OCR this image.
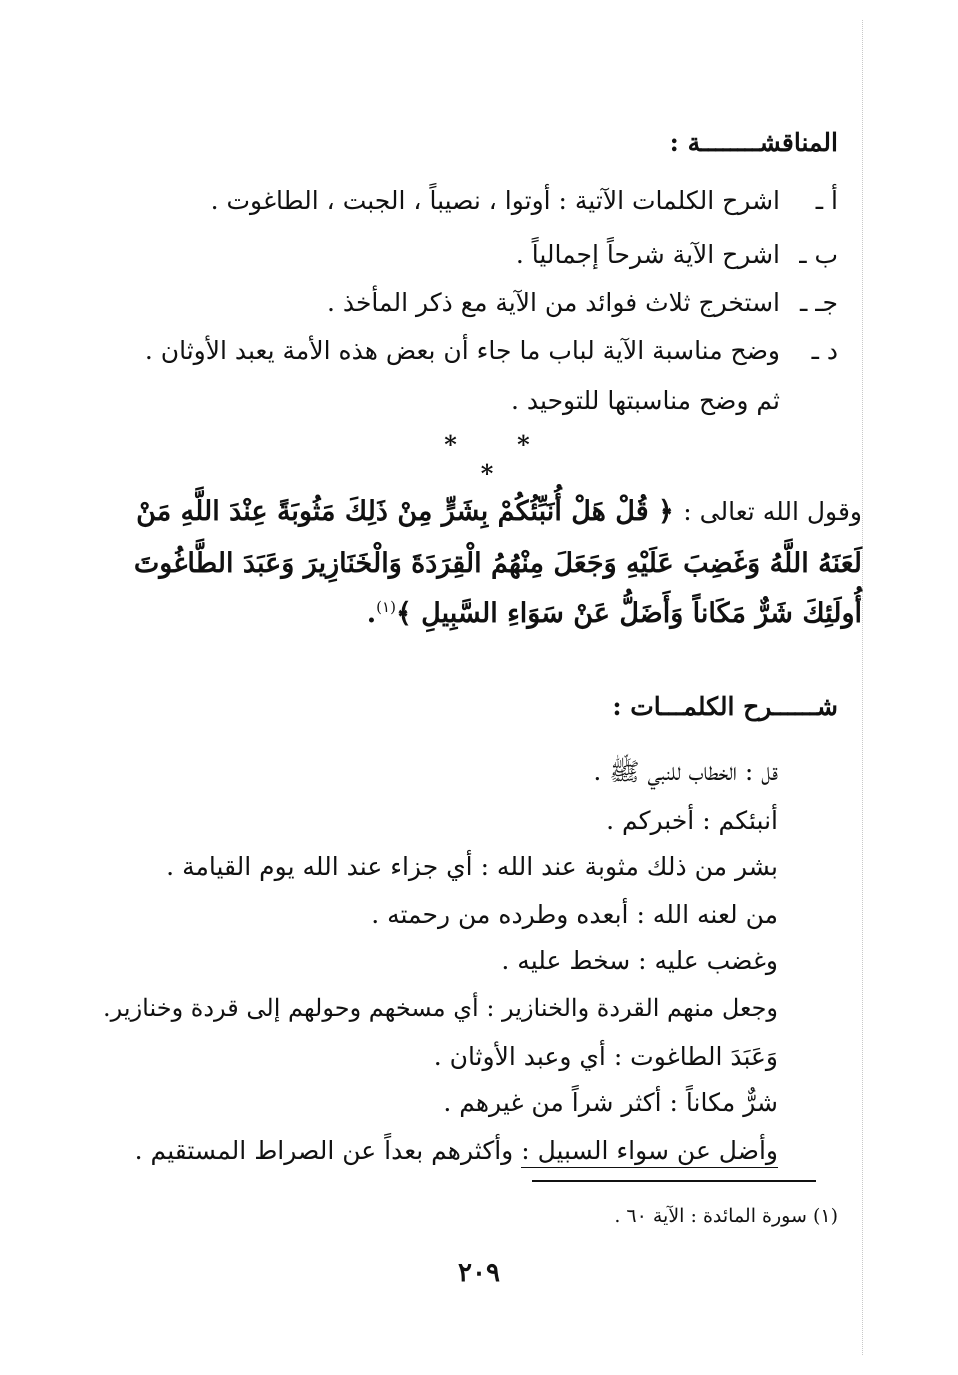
المناقشــــــــة :
أ ـ
اشرح الكلمات الآتية : أوتوا ، نصيباً ، الجبت ، الطاغوت .
ب ـ
اشرح الآية شرحاً إجمالياً .
جـ ـ
استخرج ثلاث فوائد من الآية مع ذكر المأخذ .
د ـ
وضح مناسبة الآية لباب ما جاء أن بعض هذه الأمة يعبد الأوثان .
ثم وضح مناسبتها للتوحيد .
* * *
وقول الله تعالى : ﴿ قُلْ هَلْ أُنَبِّئُكُمْ بِشَرٍّ مِنْ ذَلِكَ مَثُوبَةً عِنْدَ اللَّهِ مَنْ
لَعَنَهُ اللَّهُ وَغَضِبَ عَلَيْهِ وَجَعَلَ مِنْهُمُ الْقِرَدَةَ وَالْخَنَازِيرَ وَعَبَدَ الطَّاغُوتَ
أُولَئِكَ شَرٌّ مَكَاناً وَأَضَلُّ عَنْ سَوَاءِ السَّبِيلِ ﴾$^{(١)}$.
شــــــرح الكلمـــات :
قل : الخطاب للنبي ﷺ .
أنبئكم : أخبركم .
بشر من ذلك مثوبة عند الله : أي جزاء عند الله يوم القيامة .
من لعنه الله : أبعده وطرده من رحمته .
وغضب عليه : سخط عليه .
وجعل منهم القردة والخنازير : أي مسخهم وحولهم إلى قردة وخنازير.
وَعَبَدَ الطاغوت : أي وعبد الأوثان .
شرٌّ مكاناً : أكثر شراً من غيرهم .
وأضل عن سواء السبيل : وأكثرهم بعداً عن الصراط المستقيم .
(١) سورة المائدة : الآية ٦٠ .
٢٠٩
